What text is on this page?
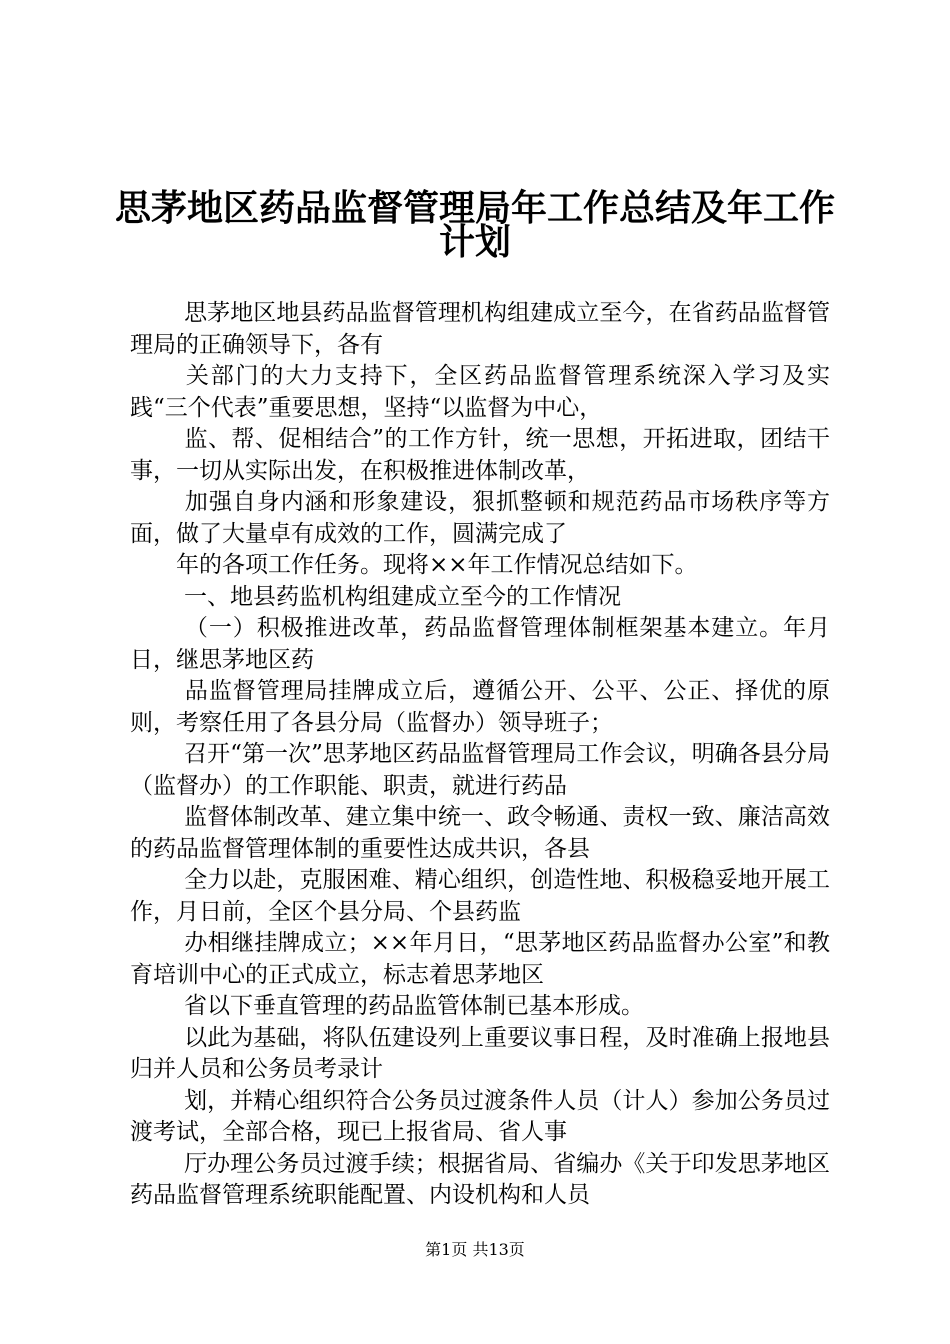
思茅地区药品监督管理局年工作总结及年工作
计划

思茅地区地县药品监督管理机构组建成立至今，在省药品监督管理局的正确领导下，各有

关部门的大力支持下，全区药品监督管理系统深入学习及实践“三个代表”重要思想，坚持“以监督为中心，

监、帮、促相结合”的工作方针，统一思想，开拓进取，团结干事，一切从实际出发，在积极推进体制改革，

加强自身内涵和形象建设，狠抓整顿和规范药品市场秩序等方面，做了大量卓有成效的工作，圆满完成了

年的各项工作任务。现将××年工作情况总结如下。

一、地县药监机构组建成立至今的工作情况

（一）积极推进改革，药品监督管理体制框架基本建立。年月日，继思茅地区药

品监督管理局挂牌成立后，遵循公开、公平、公正、择优的原则，考察任用了各县分局（监督办）领导班子；

召开“第一次”思茅地区药品监督管理局工作会议，明确各县分局（监督办）的工作职能、职责，就进行药品

监督体制改革、建立集中统一、政令畅通、责权一致、廉洁高效的药品监督管理体制的重要性达成共识，各县

全力以赴，克服困难、精心组织，创造性地、积极稳妥地开展工作，月日前，全区个县分局、个县药监

办相继挂牌成立；××年月日，“思茅地区药品监督办公室”和教育培训中心的正式成立，标志着思茅地区

省以下垂直管理的药品监管体制已基本形成。

以此为基础，将队伍建设列上重要议事日程，及时准确上报地县归并人员和公务员考录计

划，并精心组织符合公务员过渡条件人员（计人）参加公务员过渡考试，全部合格，现已上报省局、省人事

厅办理公务员过渡手续；根据省局、省编办《关于印发思茅地区药品监督管理系统职能配置、内设机构和人员

第1页 共13页
